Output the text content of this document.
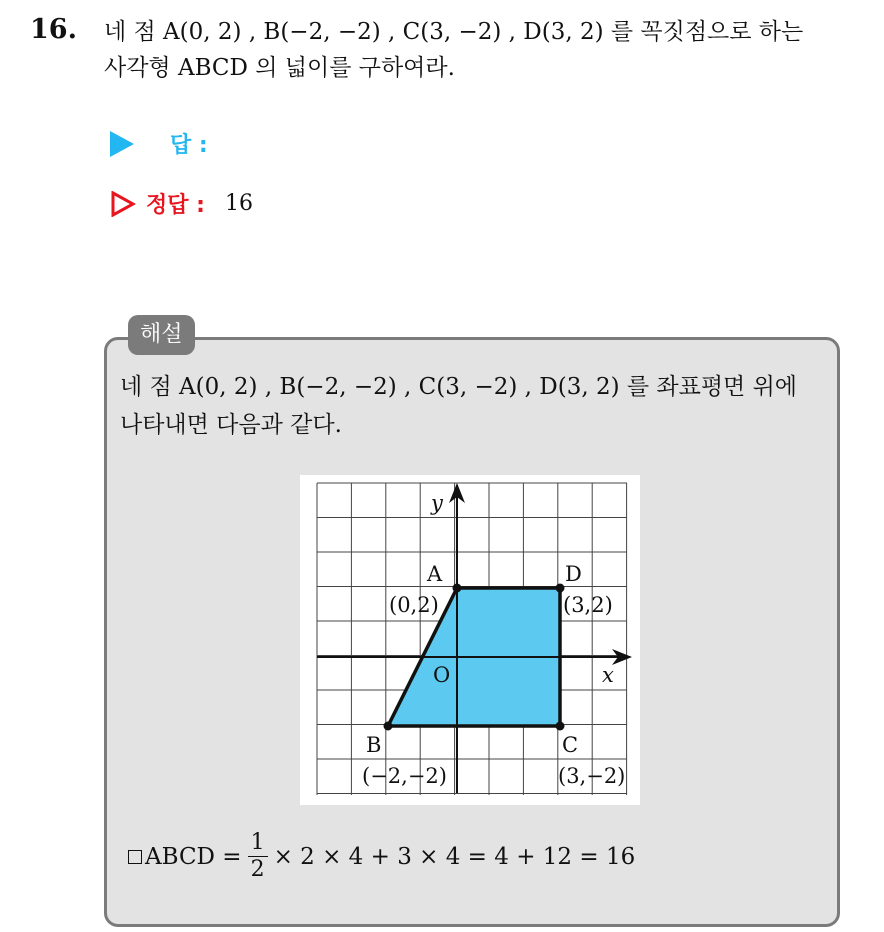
16. 네 점 A(0, 2) , B(−2, −2) , C(3, −2) , D(3, 2) 를 꼭짓점으로 하는
사각형 ABCD 의 넓이를 구하여라.
답 :
정답 : 16
해설
네 점 A(0, 2) , B(−2, −2) , C(3, −2) , D(3, 2) 를 좌표평면 위에
나타내면 다음과 같다.
y
x
O
A
(0,2)
D
(3,2)
B
(−2,−2)
C
(3,−2)
ABCD = $\frac{1}{2} \times 2 \times 4 + 3 \times 4 = 4 + 12 = 16$
